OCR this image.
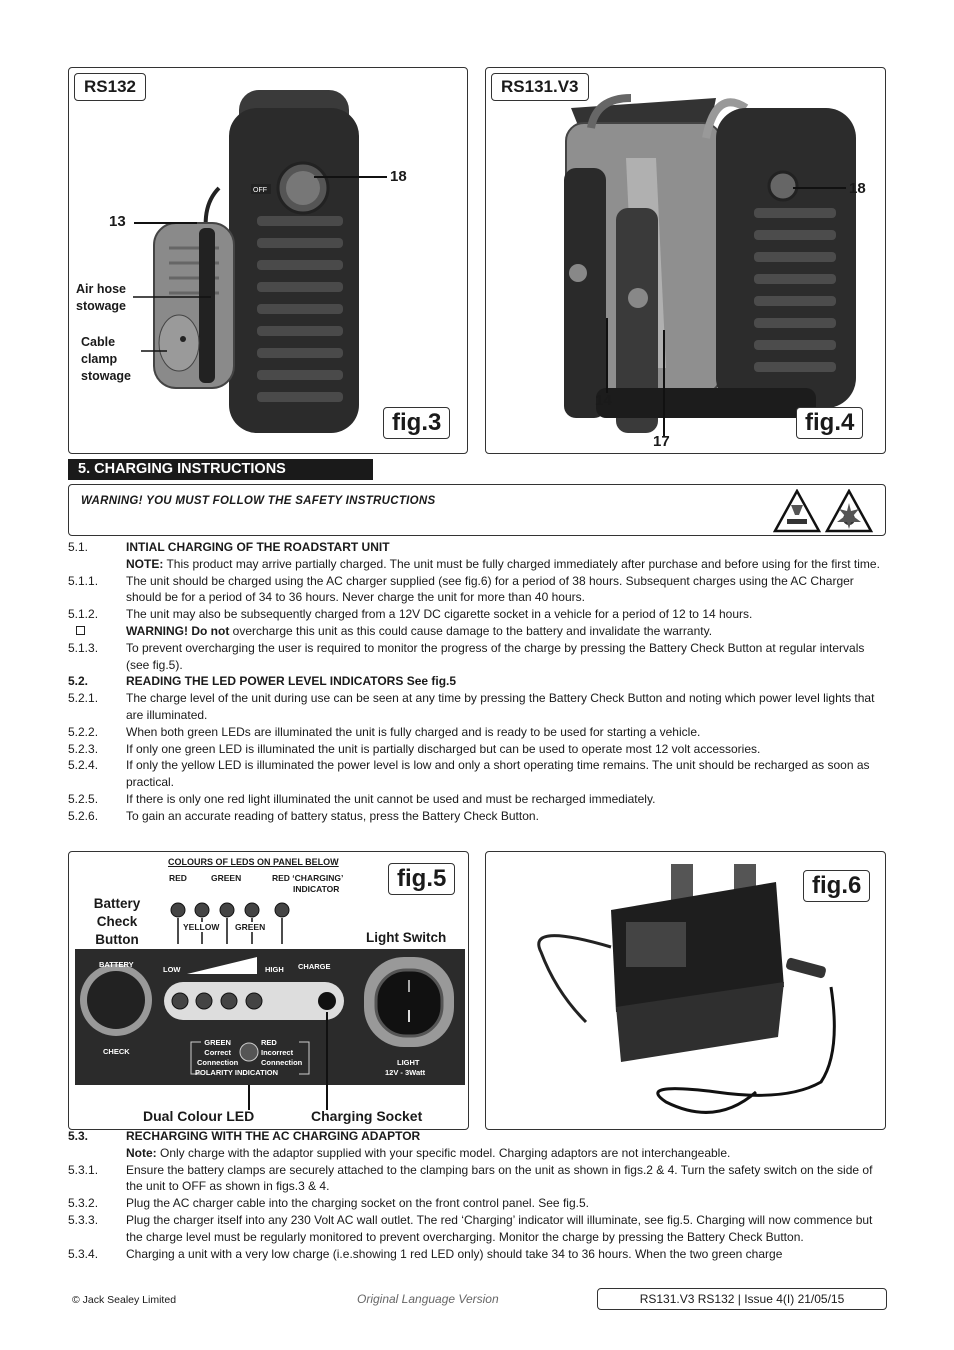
OFF
RS132
18
13
Air hose stowage
Cable clamp stowage
fig.3
RS131.V3
18
14
17
fig.4
5. CHARGING INSTRUCTIONS
WARNING! YOU MUST FOLLOW THE SAFETY INSTRUCTIONS
5.1.	INTIAL CHARGING OF THE ROADSTART UNIT
NOTE: This product may arrive partially charged. The unit must be fully charged immediately after purchase and before using for the first time.
5.1.1.	The unit should be charged using the AC charger supplied (see fig.6) for a period of 38 hours. Subsequent charges using the AC Charger should be for a period of 34 to 36 hours. Never charge the unit for more than 40 hours.
5.1.2.	The unit may also be subsequently charged from a 12V DC cigarette socket in a vehicle for a period of 12 to 14 hours.
WARNING! Do not overcharge this unit as this could cause damage to the battery and invalidate the warranty.
5.1.3.	To prevent overcharging the user is required to monitor the progress of the charge by pressing the Battery Check Button at regular intervals (see fig.5).
5.2.	READING THE LED POWER LEVEL INDICATORS See fig.5
5.2.1.	The charge level of the unit during use can be seen at any time by pressing the Battery Check Button and noting which power level lights that are illuminated.
5.2.2.	When both green LEDs are illuminated the unit is fully charged and is ready to be used for starting a vehicle.
5.2.3.	If only one green LED is illuminated the unit is partially discharged but can be used to operate most 12 volt accessories.
5.2.4.	If only the yellow LED is illuminated the power level is low and only a short operating time remains. The unit should be recharged as soon as practical.
5.2.5.	If there is only one red light illuminated the unit cannot be used and must be recharged immediately.
5.2.6.	To gain an accurate reading of battery status, press the Battery Check Button.
COLOURS OF LEDS ON PANEL BELOW
RED	GREEN	RED ‘CHARGING’
INDICATOR
YELLOW GREEN
Battery Check Button	Light Switch
BATTERY
CHECK
LOW	HIGH CHARGE
GREEN
Correct
Connection
RED
Incorrect
Connection
POLARITY INDICATION
LIGHT
12V - 3Watt
Dual Colour LED	Charging Socket
fig.5	fig.6
5.3.	RECHARGING WITH THE AC CHARGING ADAPTOR
Note: Only charge with the adaptor supplied with your specific model. Charging adaptors are not interchangeable.
5.3.1.	Ensure the battery clamps are securely attached to the clamping bars on the unit as shown in figs.2 & 4. Turn the safety switch on the side of the unit to OFF as shown in figs.3 & 4.
5.3.2.	Plug the AC charger cable into the charging socket on the front control panel. See fig.5.
5.3.3.	Plug the charger itself into any 230 Volt AC wall outlet. The red ‘Charging’ indicator will illuminate, see fig.5. Charging will now commence but the charge level must be regularly monitored to prevent overcharging. Monitor the charge by pressing the Battery Check Button.
5.3.4.	Charging a unit with a very low charge (i.e.showing 1 red LED only) should take 34 to 36 hours. When the two green charge
© Jack Sealey Limited	Original Language Version	RS131.V3 RS132 | Issue 4(I) 21/05/15
